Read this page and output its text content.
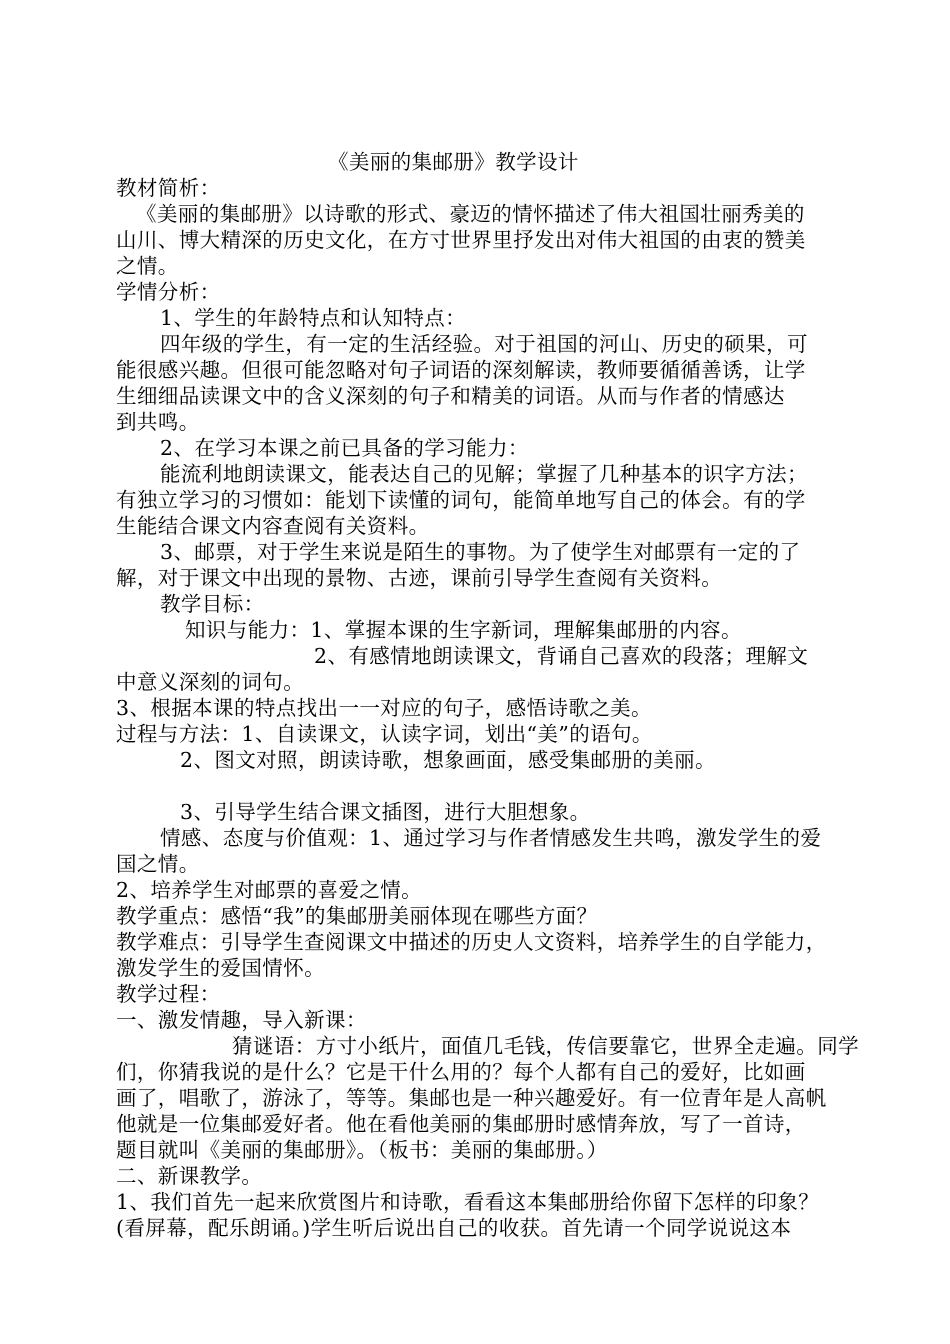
《美丽的集邮册》教学设计
教材简析：
《美丽的集邮册》以诗歌的形式、豪迈的情怀描述了伟大祖国壮丽秀美的
山川、博大精深的历史文化，在方寸世界里抒发出对伟大祖国的由衷的赞美
之情。
学情分析：
1、学生的年龄特点和认知特点：
四年级的学生，有一定的生活经验。对于祖国的河山、历史的硕果，可
能很感兴趣。但很可能忽略对句子词语的深刻解读，教师要循循善诱，让学
生细细品读课文中的含义深刻的句子和精美的词语。从而与作者的情感达
到共鸣。
2、在学习本课之前已具备的学习能力：
能流利地朗读课文，能表达自己的见解；掌握了几种基本的识字方法；
有独立学习的习惯如：能划下读懂的词句，能简单地写自己的体会。有的学
生能结合课文内容查阅有关资料。
3、邮票，对于学生来说是陌生的事物。为了使学生对邮票有一定的了
解，对于课文中出现的景物、古迹，课前引导学生查阅有关资料。
教学目标：
知识与能力：1、掌握本课的生字新词，理解集邮册的内容。
2、有感情地朗读课文，背诵自己喜欢的段落；理解文
中意义深刻的词句。
3、根据本课的特点找出一一对应的句子，感悟诗歌之美。
过程与方法：1、自读课文，认读字词，划出“美”的语句。
2、图文对照，朗读诗歌，想象画面，感受集邮册的美丽。
3、引导学生结合课文插图，进行大胆想象。
情感、态度与价值观：1、通过学习与作者情感发生共鸣，激发学生的爱
国之情。
2、培养学生对邮票的喜爱之情。
教学重点：感悟“我”的集邮册美丽体现在哪些方面？
教学难点：引导学生查阅课文中描述的历史人文资料，培养学生的自学能力，
激发学生的爱国情怀。
教学过程：
一、激发情趣，导入新课：
猜谜语：方寸小纸片，面值几毛钱，传信要靠它，世界全走遍。同学
们，你猜我说的是什么？它是干什么用的？每个人都有自己的爱好，比如画
画了，唱歌了，游泳了，等等。集邮也是一种兴趣爱好。有一位青年是人高帆
他就是一位集邮爱好者。他在看他美丽的集邮册时感情奔放，写了一首诗，
题目就叫《美丽的集邮册》。（板书：美丽的集邮册。）
二、新课教学。
1、我们首先一起来欣赏图片和诗歌，看看这本集邮册给你留下怎样的印象？
(看屏幕，配乐朗诵。)学生听后说出自己的收获。首先请一个同学说说这本
